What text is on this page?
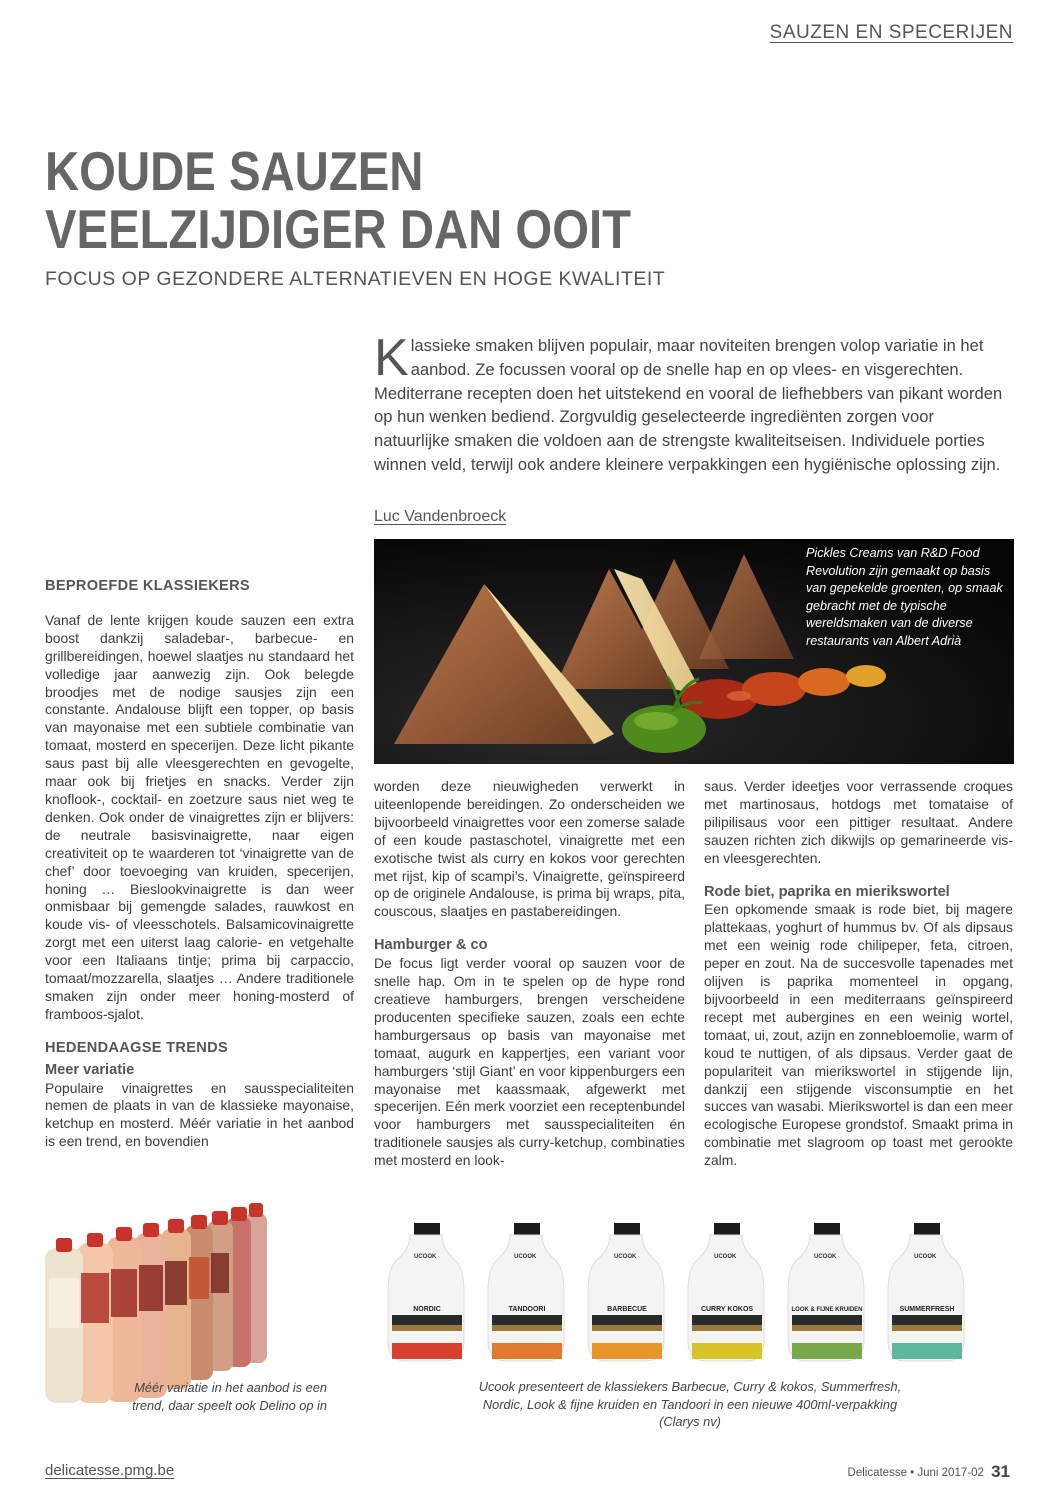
SAUZEN EN SPECERIJEN
KOUDE SAUZEN
VEELZIJDIGER DAN OOIT
FOCUS OP GEZONDERE ALTERNATIEVEN EN HOGE KWALITEIT
K lassieke smaken blijven populair, maar noviteiten brengen volop variatie in het aanbod. Ze focussen vooral op de snelle hap en op vlees- en visgerechten. Mediterrane recepten doen het uitstekend en vooral de liefhebbers van pikant worden op hun wenken bediend. Zorgvuldig geselecteerde ingrediënten zorgen voor natuurlijke smaken die voldoen aan de strengste kwaliteitseisen. Individuele porties winnen veld, terwijl ook andere kleinere verpakkingen een hygiënische oplossing zijn.
Luc Vandenbroeck
Pickles Creams van R&D Food Revolution zijn gemaakt op basis van gepekelde groenten, op smaak gebracht met de typische wereldsmaken van de diverse restaurants van Albert Adrià
BEPROEFDE KLASSIEKERS

Vanaf de lente krijgen koude sauzen een extra boost dankzij saladebar-, barbecue- en grillbereidingen, hoewel slaatjes nu standaard het volledige jaar aanwezig zijn. Ook belegde broodjes met de nodige sausjes zijn een constante. Andalouse blijft een topper, op basis van mayonaise met een subtiele combinatie van tomaat, mosterd en specerijen. Deze licht pikante saus past bij alle vleesgerechten en gevogelte, maar ook bij frietjes en snacks. Verder zijn knoflook-, cocktail- en zoetzure saus niet weg te denken. Ook onder de vinaigrettes zijn er blijvers: de neutrale basisvinaigrette, naar eigen creativiteit op te waarderen tot ‘vinaigrette van de chef’ door toevoeging van kruiden, specerijen, honing … Bieslookvinaigrette is dan weer onmisbaar bij gemengde salades, rauwkost en koude vis- of vleesschotels. Balsamicovinaigrette zorgt met een uiterst laag calorie- en vetgehalte voor een Italiaans tintje; prima bij carpaccio, tomaat/mozzarella, slaatjes … Andere traditionele smaken zijn onder meer honing-mosterd of framboos-sjalot.

HEDENDAAGSE TRENDS
Meer variatie

Populaire vinaigrettes en sausspecialiteiten nemen de plaats in van de klassieke mayonaise, ketchup en mosterd. Méér variatie in het aanbod is een trend, en bovendien

worden deze nieuwigheden verwerkt in uiteenlopende bereidingen. Zo onderscheiden we bijvoorbeeld vinaigrettes voor een zomerse salade of een koude pastaschotel, vinaigrette met een exotische twist als curry en kokos voor gerechten met rijst, kip of scampi’s. Vinaigrette, geïnspireerd op de originele Andalouse, is prima bij wraps, pita, couscous, slaatjes en pastabereidingen.

Hamburger & co

De focus ligt verder vooral op sauzen voor de snelle hap. Om in te spelen op de hype rond creatieve hamburgers, brengen verscheidene producenten specifieke sauzen, zoals een echte hamburgersaus op basis van mayonaise met tomaat, augurk en kappertjes, een variant voor hamburgers ‘stijl Giant’ en voor kippenburgers een mayonaise met kaassmaak, afgewerkt met specerijen. Eén merk voorziet een receptenbundel voor hamburgers met sausspecialiteiten én traditionele sausjes als curry-ketchup, combinaties met mosterd en look-

saus. Verder ideetjes voor verrassende croques met martinosaus, hotdogs met tomataise of pilipilisaus voor een pittiger resultaat. Andere sauzen richten zich dikwijls op gemarineerde vis- en vleesgerechten.

Rode biet, paprika en mierikswortel

Een opkomende smaak is rode biet, bij magere plattekaas, yoghurt of hummus bv. Of als dipsaus met een weinig rode chilipeper, feta, citroen, peper en zout. Na de succesvolle tapenades met olijven is paprika momenteel in opgang, bijvoorbeeld in een mediterraans geïnspireerd recept met aubergines en een weinig wortel, tomaat, ui, zout, azijn en zonnebloemolie, warm of koud te nuttigen, of als dipsaus. Verder gaat de populariteit van mierikswortel in stijgende lijn, dankzij een stijgende visconsumptie en het succes van wasabi. Mierikswortel is dan een meer ecologische Europese grondstof. Smaakt prima in combinatie met slagroom op toast met gerookte zalm.

Méér variatie in het aanbod is een trend, daar speelt ook Delino op in
UCOOK
NORDIC
UCOOK
TANDOORI
UCOOK
BARBECUE
UCOOK
CURRY KOKOS
UCOOK
LOOK & FIJNE KRUIDEN
UCOOK
SUMMERFRESH
Ucook presenteert de klassiekers Barbecue, Curry & kokos, Summerfresh, Nordic, Look & fijne kruiden en Tandoori in een nieuwe 400ml-verpakking (Clarys nv)
delicatesse.pmg.be	Delicatesse • Juni 2017-02 31
